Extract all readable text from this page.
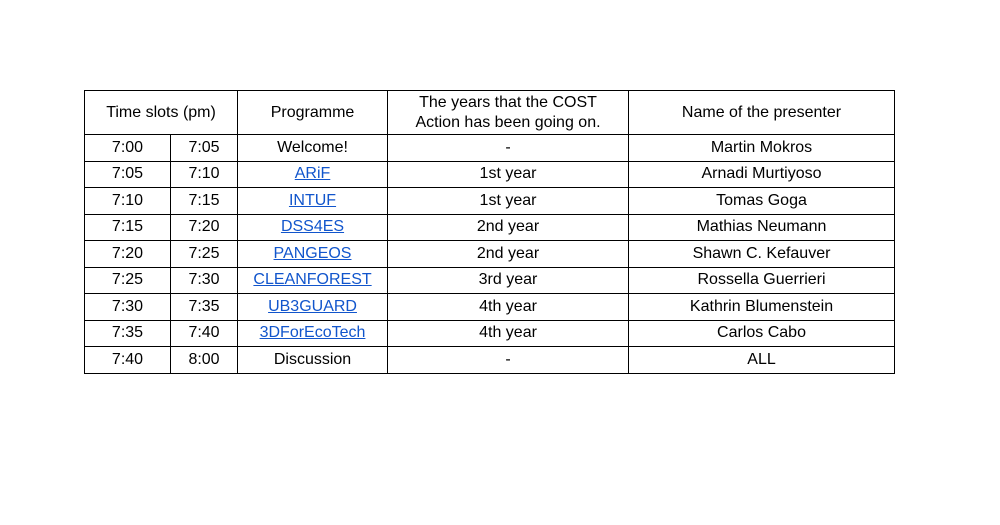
Time slots (pm)		Programme	The years that the COST Action has been going on.	Name of the presenter
7:00	7:05	Welcome!	-	Martin Mokros
7:05	7:10	ARiF	1st year	Arnadi Murtiyoso
7:10	7:15	INTUF	1st year	Tomas Goga
7:15	7:20	DSS4ES	2nd year	Mathias Neumann
7:20	7:25	PANGEOS	2nd year	Shawn C. Kefauver
7:25	7:30	CLEANFOREST	3rd year	Rossella Guerrieri
7:30	7:35	UB3GUARD	4th year	Kathrin Blumenstein
7:35	7:40	3DForEcoTech	4th year	Carlos Cabo
7:40	8:00	Discussion	-	ALL
